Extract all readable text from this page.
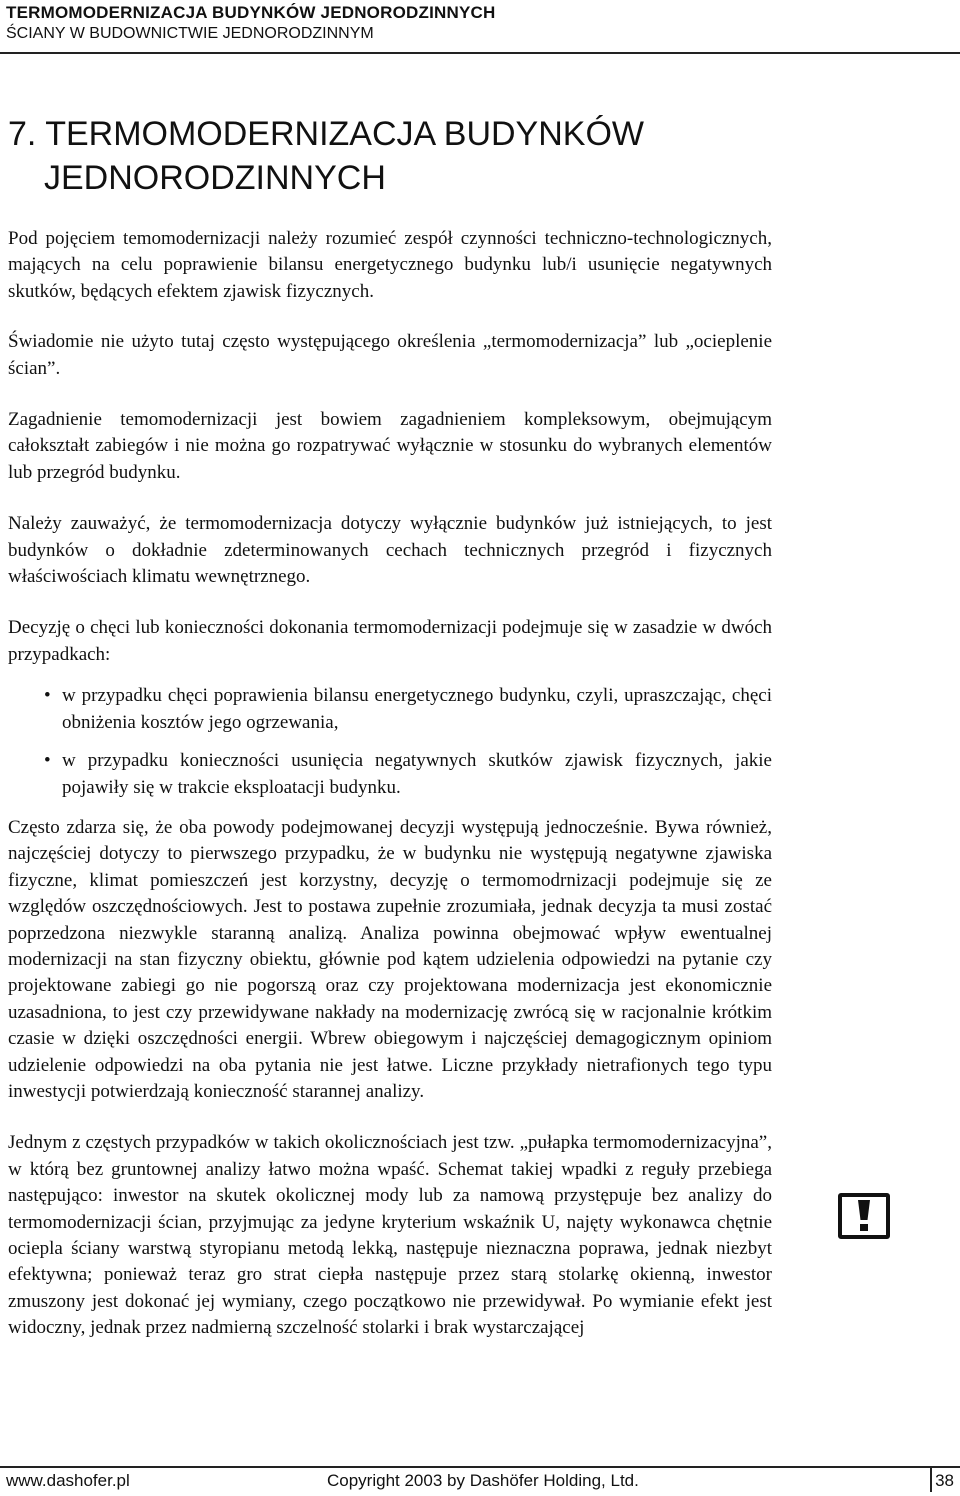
TERMOMODERNIZACJA BUDYNKÓW JEDNORODZINNYCH
ŚCIANY W BUDOWNICTWIE JEDNORODZINNYM
7. TERMOMODERNIZACJA BUDYNKÓW
JEDNORODZINNYCH

Pod pojęciem temomodernizacji należy rozumieć zespół czynności techniczno-technologicznych, mających na celu poprawienie bilansu energetycznego budynku lub/i usunięcie negatywnych skutków, będących efektem zjawisk fizycznych.

Świadomie nie użyto tutaj często występującego określenia „termomodernizacja” lub „ocieplenie ścian”.

Zagadnienie temomodernizacji jest bowiem zagadnieniem kompleksowym, obejmującym całokształt zabiegów i nie można go rozpatrywać wyłącznie w stosunku do wybranych elementów lub przegród budynku.

Należy zauważyć, że termomodernizacja dotyczy wyłącznie budynków już istniejących, to jest budynków o dokładnie zdeterminowanych cechach technicznych przegród i fizycznych właściwościach klimatu wewnętrznego.

Decyzję o chęci lub konieczności dokonania termomodernizacji podejmuje się w zasadzie w dwóch przypadkach:

• w przypadku chęci poprawienia bilansu energetycznego budynku, czyli, upraszczając, chęci obniżenia kosztów jego ogrzewania,
• w przypadku konieczności usunięcia negatywnych skutków zjawisk fizycznych, jakie pojawiły się w trakcie eksploatacji budynku.

Często zdarza się, że oba powody podejmowanej decyzji występują jednocześnie. Bywa również, najczęściej dotyczy to pierwszego przypadku, że w budynku nie występują negatywne zjawiska fizyczne, klimat pomieszczeń jest korzystny, decyzję o termomodrnizacji podejmuje się ze względów oszczędnościowych. Jest to postawa zupełnie zrozumiała, jednak decyzja ta musi zostać poprzedzona niezwykle staranną analizą. Analiza powinna obejmować wpływ ewentualnej modernizacji na stan fizyczny obiektu, głównie pod kątem udzielenia odpowiedzi na pytanie czy projektowane zabiegi go nie pogorszą oraz czy projektowana modernizacja jest ekonomicznie uzasadniona, to jest czy przewidywane nakłady na modernizację zwrócą się w racjonalnie krótkim czasie w dzięki oszczędności energii. Wbrew obiegowym i najczęściej demagogicznym opiniom udzielenie odpowiedzi na oba pytania nie jest łatwe. Liczne przykłady nietrafionych tego typu inwestycji potwierdzają konieczność starannej analizy.

Jednym z częstych przypadków w takich okolicznościach jest tzw. „pułapka termomodernizacyjna”, w którą bez gruntownej analizy łatwo można wpaść. Schemat takiej wpadki z reguły przebiega następująco: inwestor na skutek okolicznej mody lub za namową przystępuje bez analizy do termomodernizacji ścian, przyjmując za jedyne kryterium wskaźnik U, najęty wykonawca chętnie ociepla ściany warstwą styropianu metodą lekką, następuje nieznaczna poprawa, jednak niezbyt efektywna; ponieważ teraz gro strat ciepła następuje przez starą stolarkę okienną, inwestor zmuszony jest dokonać jej wymiany, czego początkowo nie przewidywał. Po wymianie efekt jest widoczny, jednak przez nadmierną szczelność stolarki i brak wystarczającej

www.dashofer.pl	Copyright 2003 by Dashöfer Holding, Ltd.	38
